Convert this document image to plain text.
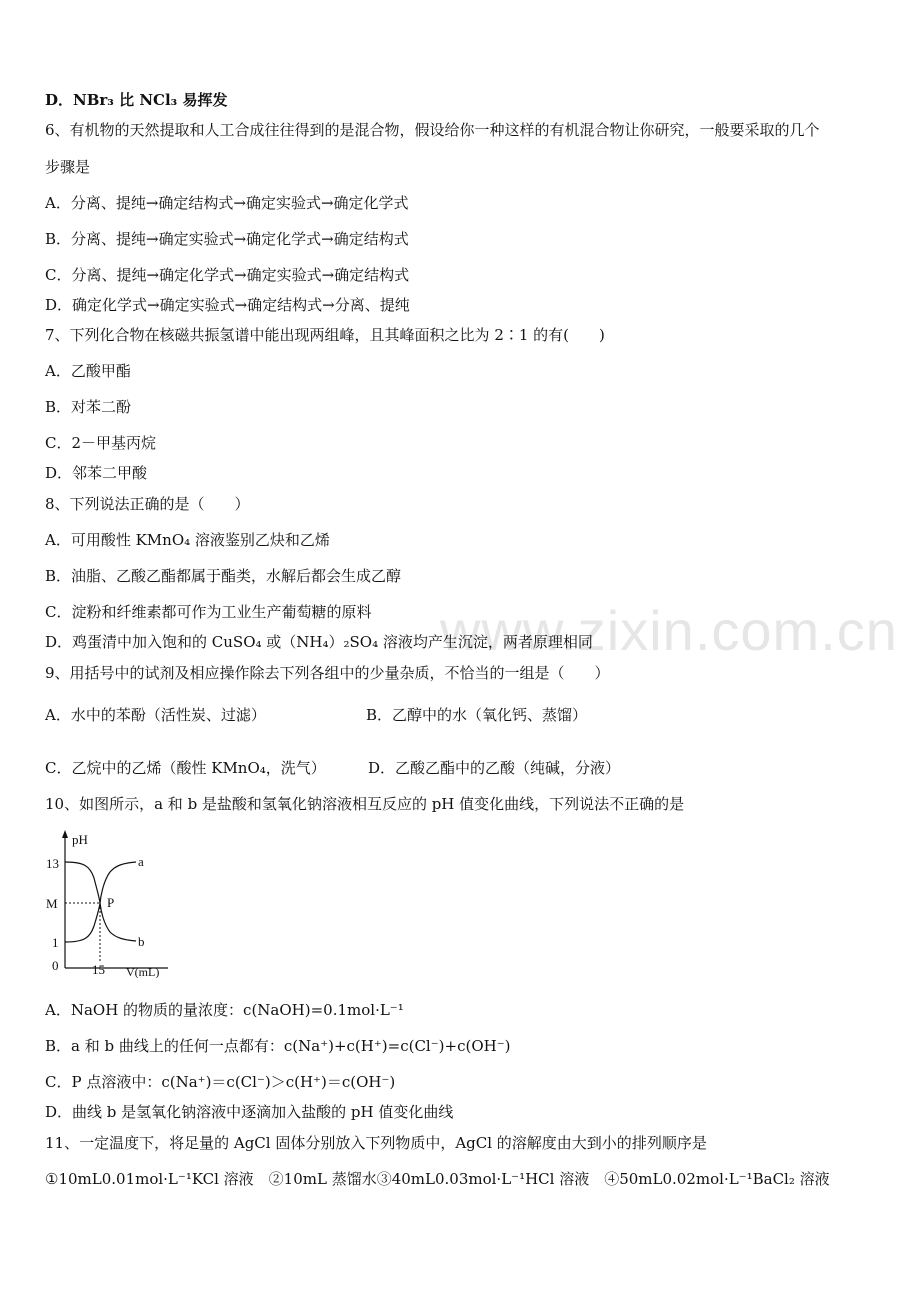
www.zixin.com.cn
D．NBr₃ 比 NCl₃ 易挥发
6、有机物的天然提取和人工合成往往得到的是混合物，假设给你一种这样的有机混合物让你研究，一般要采取的几个
步骤是
A．分离、提纯→确定结构式→确定实验式→确定化学式
B．分离、提纯→确定实验式→确定化学式→确定结构式
C．分离、提纯→确定化学式→确定实验式→确定结构式
D．确定化学式→确定实验式→确定结构式→分离、提纯
7、下列化合物在核磁共振氢谱中能出现两组峰，且其峰面积之比为 2∶1 的有(　　)
A．乙酸甲酯
B．对苯二酚
C．2－甲基丙烷
D．邻苯二甲酸
8、下列说法正确的是（　　）
A．可用酸性 KMnO₄ 溶液鉴别乙炔和乙烯
B．油脂、乙酸乙酯都属于酯类，水解后都会生成乙醇
C．淀粉和纤维素都可作为工业生产葡萄糖的原料
D．鸡蛋清中加入饱和的 CuSO₄ 或（NH₄）₂SO₄ 溶液均产生沉淀，两者原理相同
9、用括号中的试剂及相应操作除去下列各组中的少量杂质，不恰当的一组是（　　）
A．水中的苯酚（活性炭、过滤）	B．乙醇中的水（氧化钙、蒸馏）
C．乙烷中的乙烯（酸性 KMnO₄，洗气）	D．乙酸乙酯中的乙酸（纯碱，分液）
10、如图所示，a 和 b 是盐酸和氢氧化钠溶液相互反应的 pH 值变化曲线，下列说法不正确的是
pH
V(mL)
13
M
1
0	15
a
b
P
A．NaOH 的物质的量浓度：c(NaOH)=0.1mol·L⁻¹
B．a 和 b 曲线上的任何一点都有：c(Na⁺)+c(H⁺)=c(Cl⁻)+c(OH⁻)
C．P 点溶液中：c(Na⁺)＝c(Cl⁻)＞c(H⁺)＝c(OH⁻)
D．曲线 b 是氢氧化钠溶液中逐滴加入盐酸的 pH 值变化曲线
11、一定温度下，将足量的 AgCl 固体分别放入下列物质中，AgCl 的溶解度由大到小的排列顺序是
①10mL0.01mol·L⁻¹KCl 溶液　②10mL 蒸馏水③40mL0.03mol·L⁻¹HCl 溶液　④50mL0.02mol·L⁻¹BaCl₂ 溶液
